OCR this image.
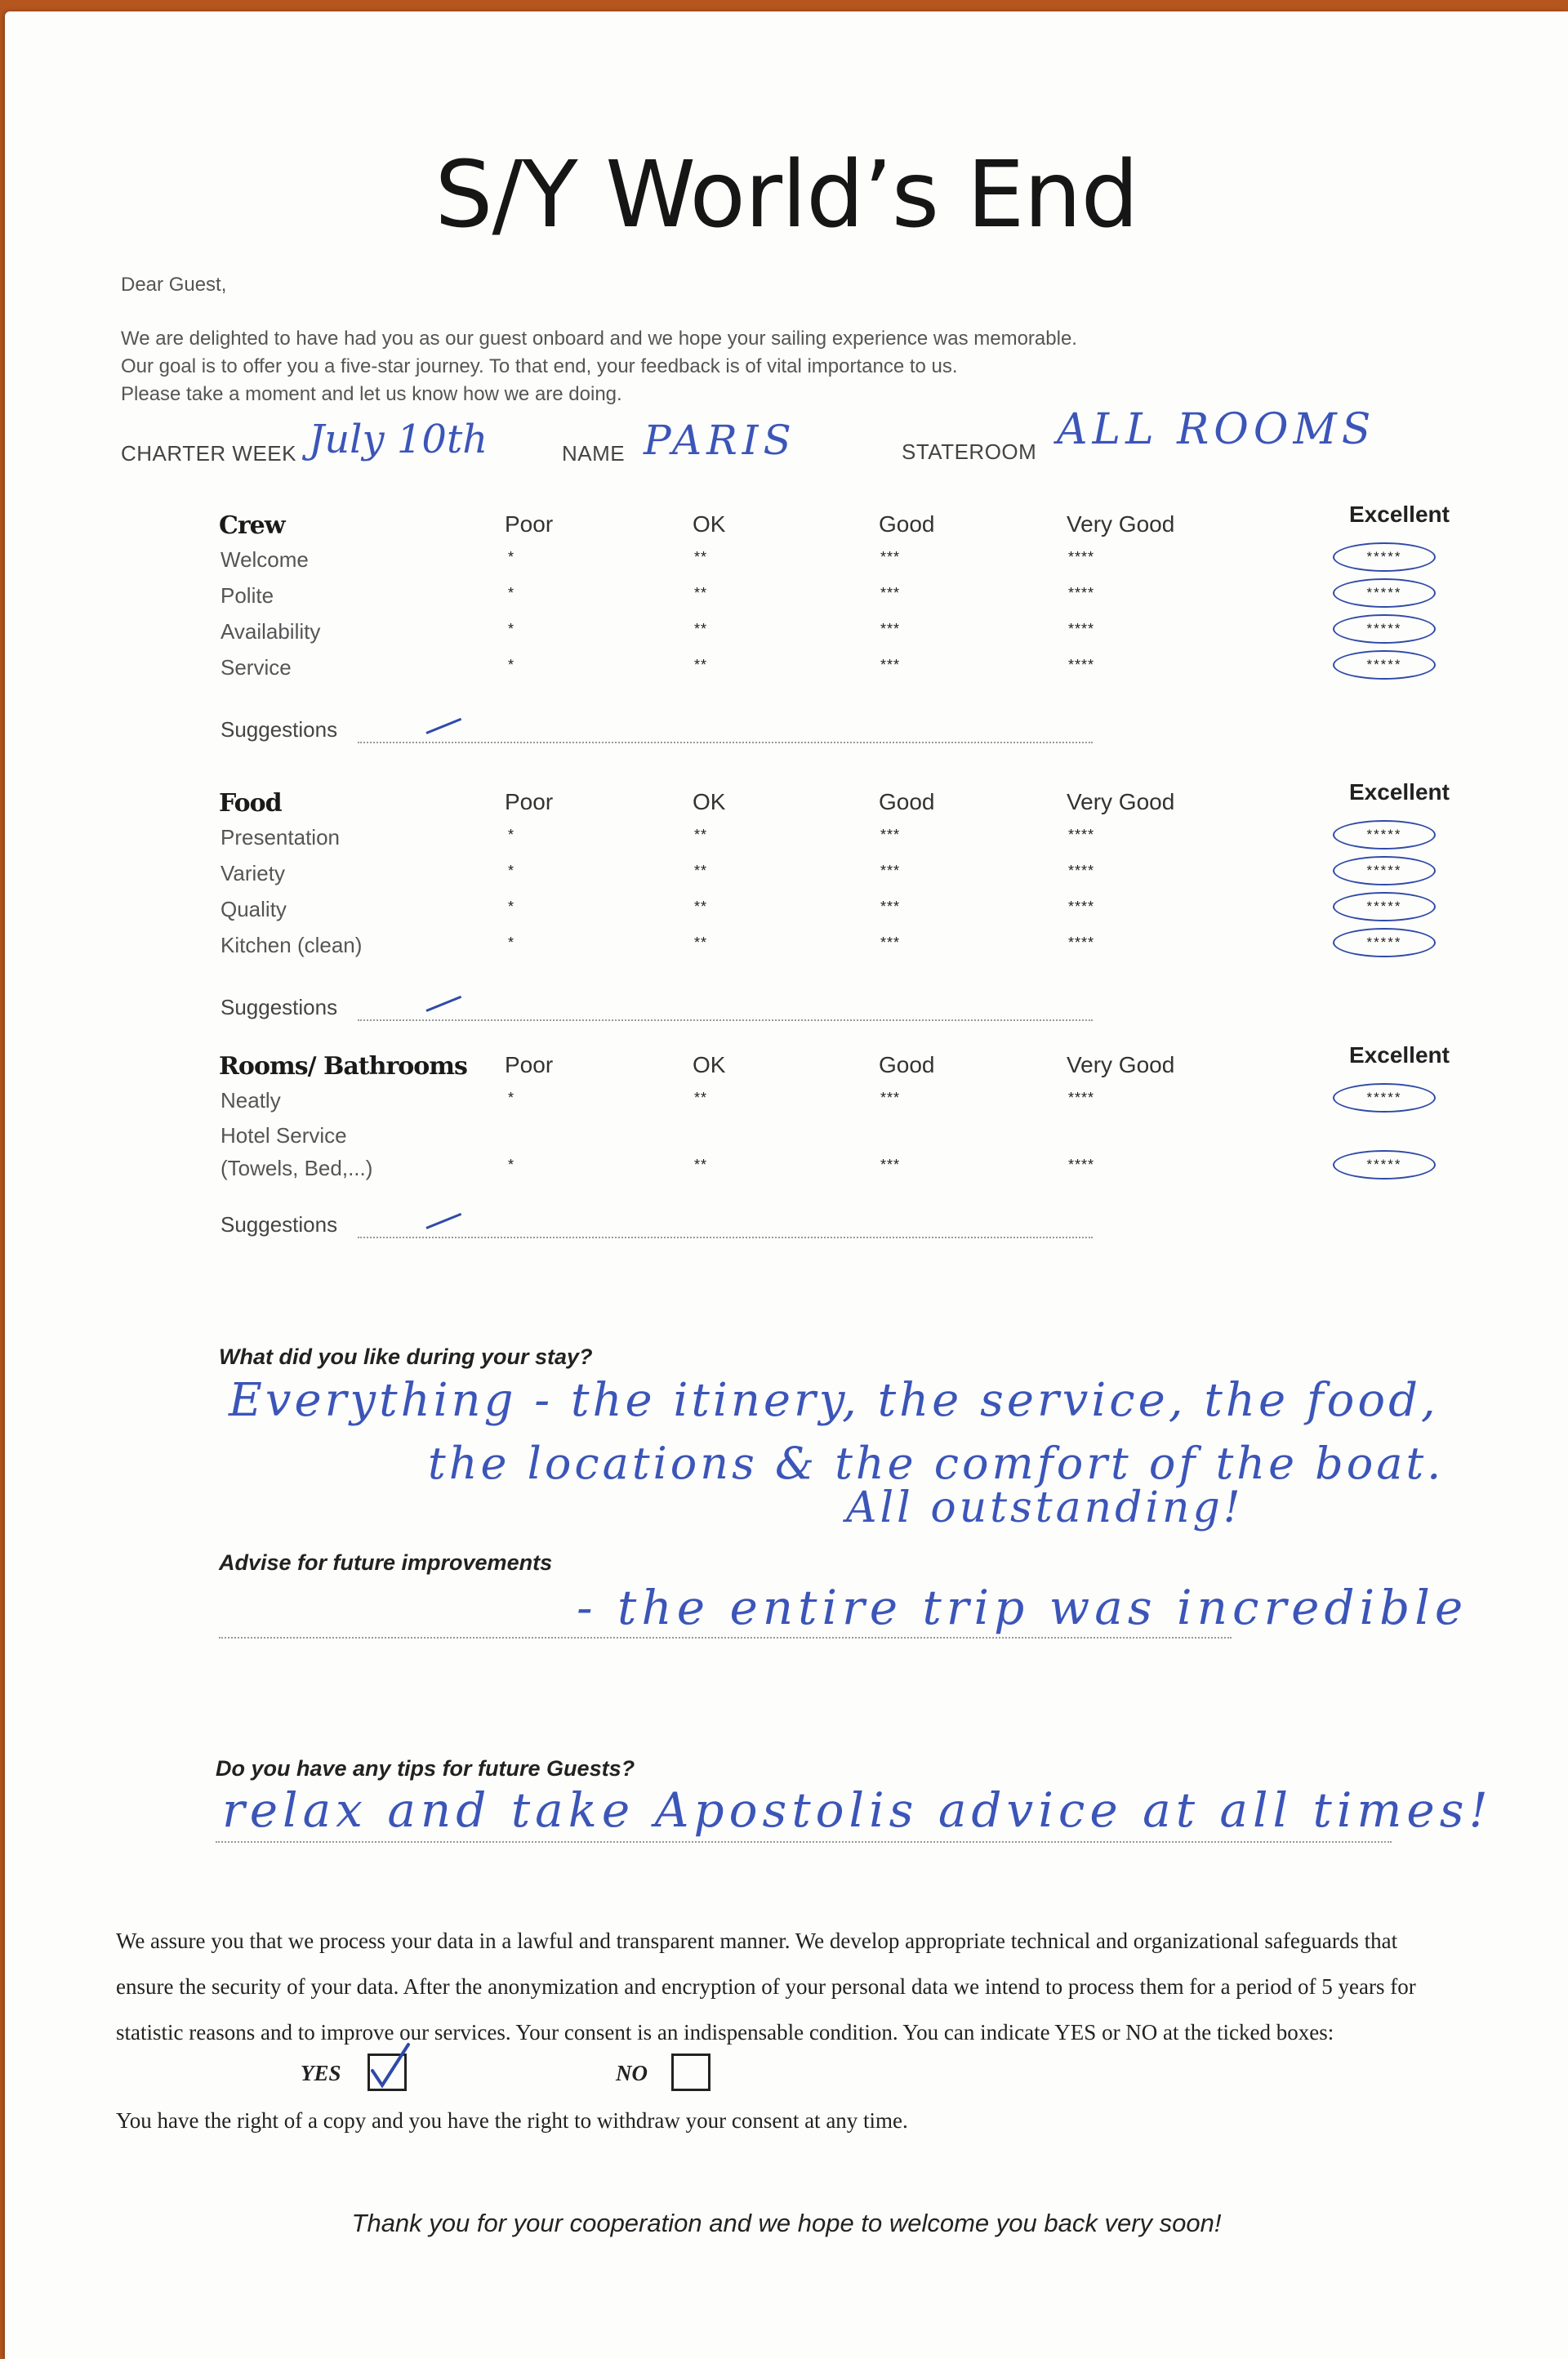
S/Y World’s End
Dear Guest,
We are delighted to have had you as our guest onboard and we hope your sailing experience was memorable.
Our goal is to offer you a five-star journey. To that end, your feedback is of vital importance to us.
Please take a moment and let us know how we are doing.
CHARTER WEEK July 10th	NAME PARIS	STATEROOM ALL ROOMS
What did you like during your stay?
Everything - the itinery, the service, the food,
the locations & the comfort of the boat.
All outstanding!
Advise for future improvements
- the entire trip was incredible
Do you have any tips for future Guests?
relax and take Apostolis advice at all times!
We assure you that we process your data in a lawful and transparent manner. We develop appropriate technical and organizational safeguards that
ensure the security of your data. After the anonymization and encryption of your personal data we intend to process them for a period of 5 years for
statistic reasons and to improve our services. Your consent is an indispensable condition. You can indicate YES or NO at the ticked boxes:
YES	NO
You have the right of a copy and you have the right to withdraw your consent at any time.
Thank you for your cooperation and we hope to welcome you back very soon!
Crew	Poor	OK	Good	Very Good	Excellent
Welcome	*	**	***	****	*****
Polite	*	**	***	****	*****
Availability	*	**	***	****	*****
Service	*	**	***	****	*****
Suggestions
Food	Poor	OK	Good	Very Good	Excellent
Presentation	*	**	***	****	*****
Variety	*	**	***	****	*****
Quality	*	**	***	****	*****
Kitchen (clean)	*	**	***	****	*****
Suggestions
Rooms/ Bathrooms Poor	OK	Good	Very Good	Excellent
Neatly	*	**	***	****	*****
Hotel Service (Towels, Bed,...)	*	**	***	****	*****
Suggestions
